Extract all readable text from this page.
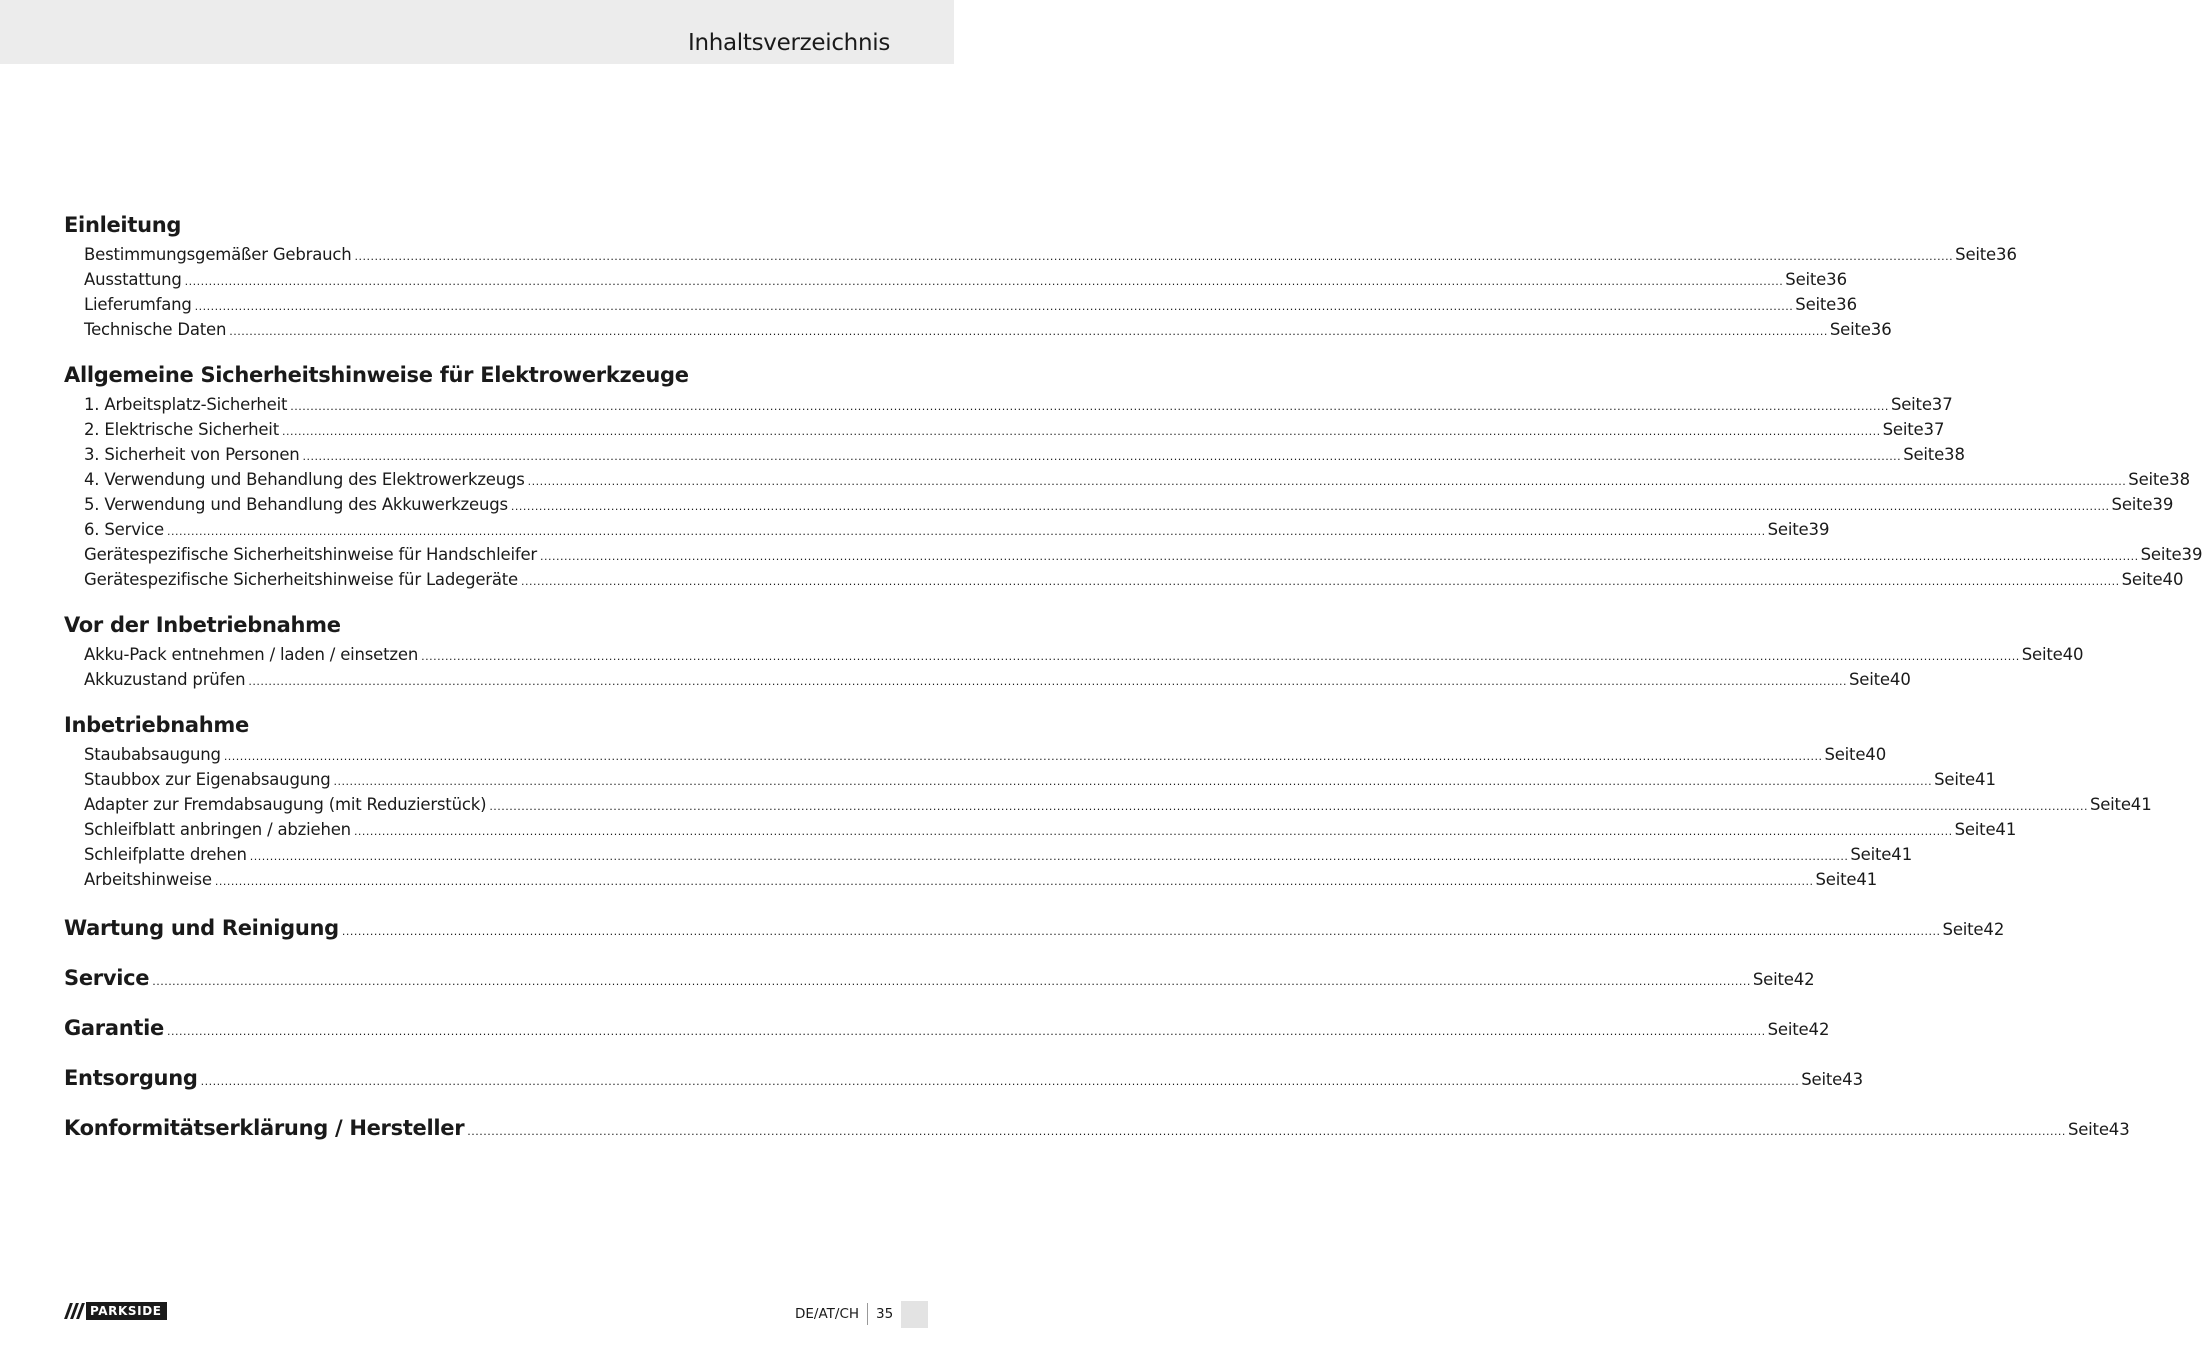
Inhaltsverzeichnis
Einleitung
Bestimmungsgemäßer Gebrauch ................................................................................................................................................................................................................................................................................................................................................................................................................ Seite 36
Ausstattung ................................................................................................................................................................................................................................................................................................................................................................................................................ Seite 36
Lieferumfang ................................................................................................................................................................................................................................................................................................................................................................................................................ Seite 36
Technische Daten ................................................................................................................................................................................................................................................................................................................................................................................................................ Seite 36
Allgemeine Sicherheitshinweise für Elektrowerkzeuge
1. Arbeitsplatz-Sicherheit ................................................................................................................................................................................................................................................................................................................................................................................................................ Seite 37
2. Elektrische Sicherheit ................................................................................................................................................................................................................................................................................................................................................................................................................ Seite 37
3. Sicherheit von Personen ................................................................................................................................................................................................................................................................................................................................................................................................................ Seite 38
4. Verwendung und Behandlung des Elektrowerkzeugs ................................................................................................................................................................................................................................................................................................................................................................................................................ Seite 38
5. Verwendung und Behandlung des Akkuwerkzeugs ................................................................................................................................................................................................................................................................................................................................................................................................................ Seite 39
6. Service ................................................................................................................................................................................................................................................................................................................................................................................................................ Seite 39
Gerätespezifische Sicherheitshinweise für Handschleifer ................................................................................................................................................................................................................................................................................................................................................................................................................ Seite 39
Gerätespezifische Sicherheitshinweise für Ladegeräte ................................................................................................................................................................................................................................................................................................................................................................................................................ Seite 40
Vor der Inbetriebnahme
Akku-Pack entnehmen / laden / einsetzen ................................................................................................................................................................................................................................................................................................................................................................................................................ Seite 40
Akkuzustand prüfen ................................................................................................................................................................................................................................................................................................................................................................................................................ Seite 40
Inbetriebnahme
Staubabsaugung ................................................................................................................................................................................................................................................................................................................................................................................................................ Seite 40
Staubbox zur Eigenabsaugung ................................................................................................................................................................................................................................................................................................................................................................................................................ Seite 41
Adapter zur Fremdabsaugung (mit Reduzierstück) ................................................................................................................................................................................................................................................................................................................................................................................................................ Seite 41
Schleifblatt anbringen / abziehen ................................................................................................................................................................................................................................................................................................................................................................................................................ Seite 41
Schleifplatte drehen ................................................................................................................................................................................................................................................................................................................................................................................................................ Seite 41
Arbeitshinweise ................................................................................................................................................................................................................................................................................................................................................................................................................ Seite 41
Wartung und Reinigung ................................................................................................................................................................................................................................................................................................................................................................................................................ Seite 42
Service ................................................................................................................................................................................................................................................................................................................................................................................................................ Seite 42
Garantie ................................................................................................................................................................................................................................................................................................................................................................................................................ Seite 42
Entsorgung ................................................................................................................................................................................................................................................................................................................................................................................................................ Seite 43
Konformitätserklärung / Hersteller ................................................................................................................................................................................................................................................................................................................................................................................................................ Seite 43
PARKSIDE	DE/AT/CH 35
